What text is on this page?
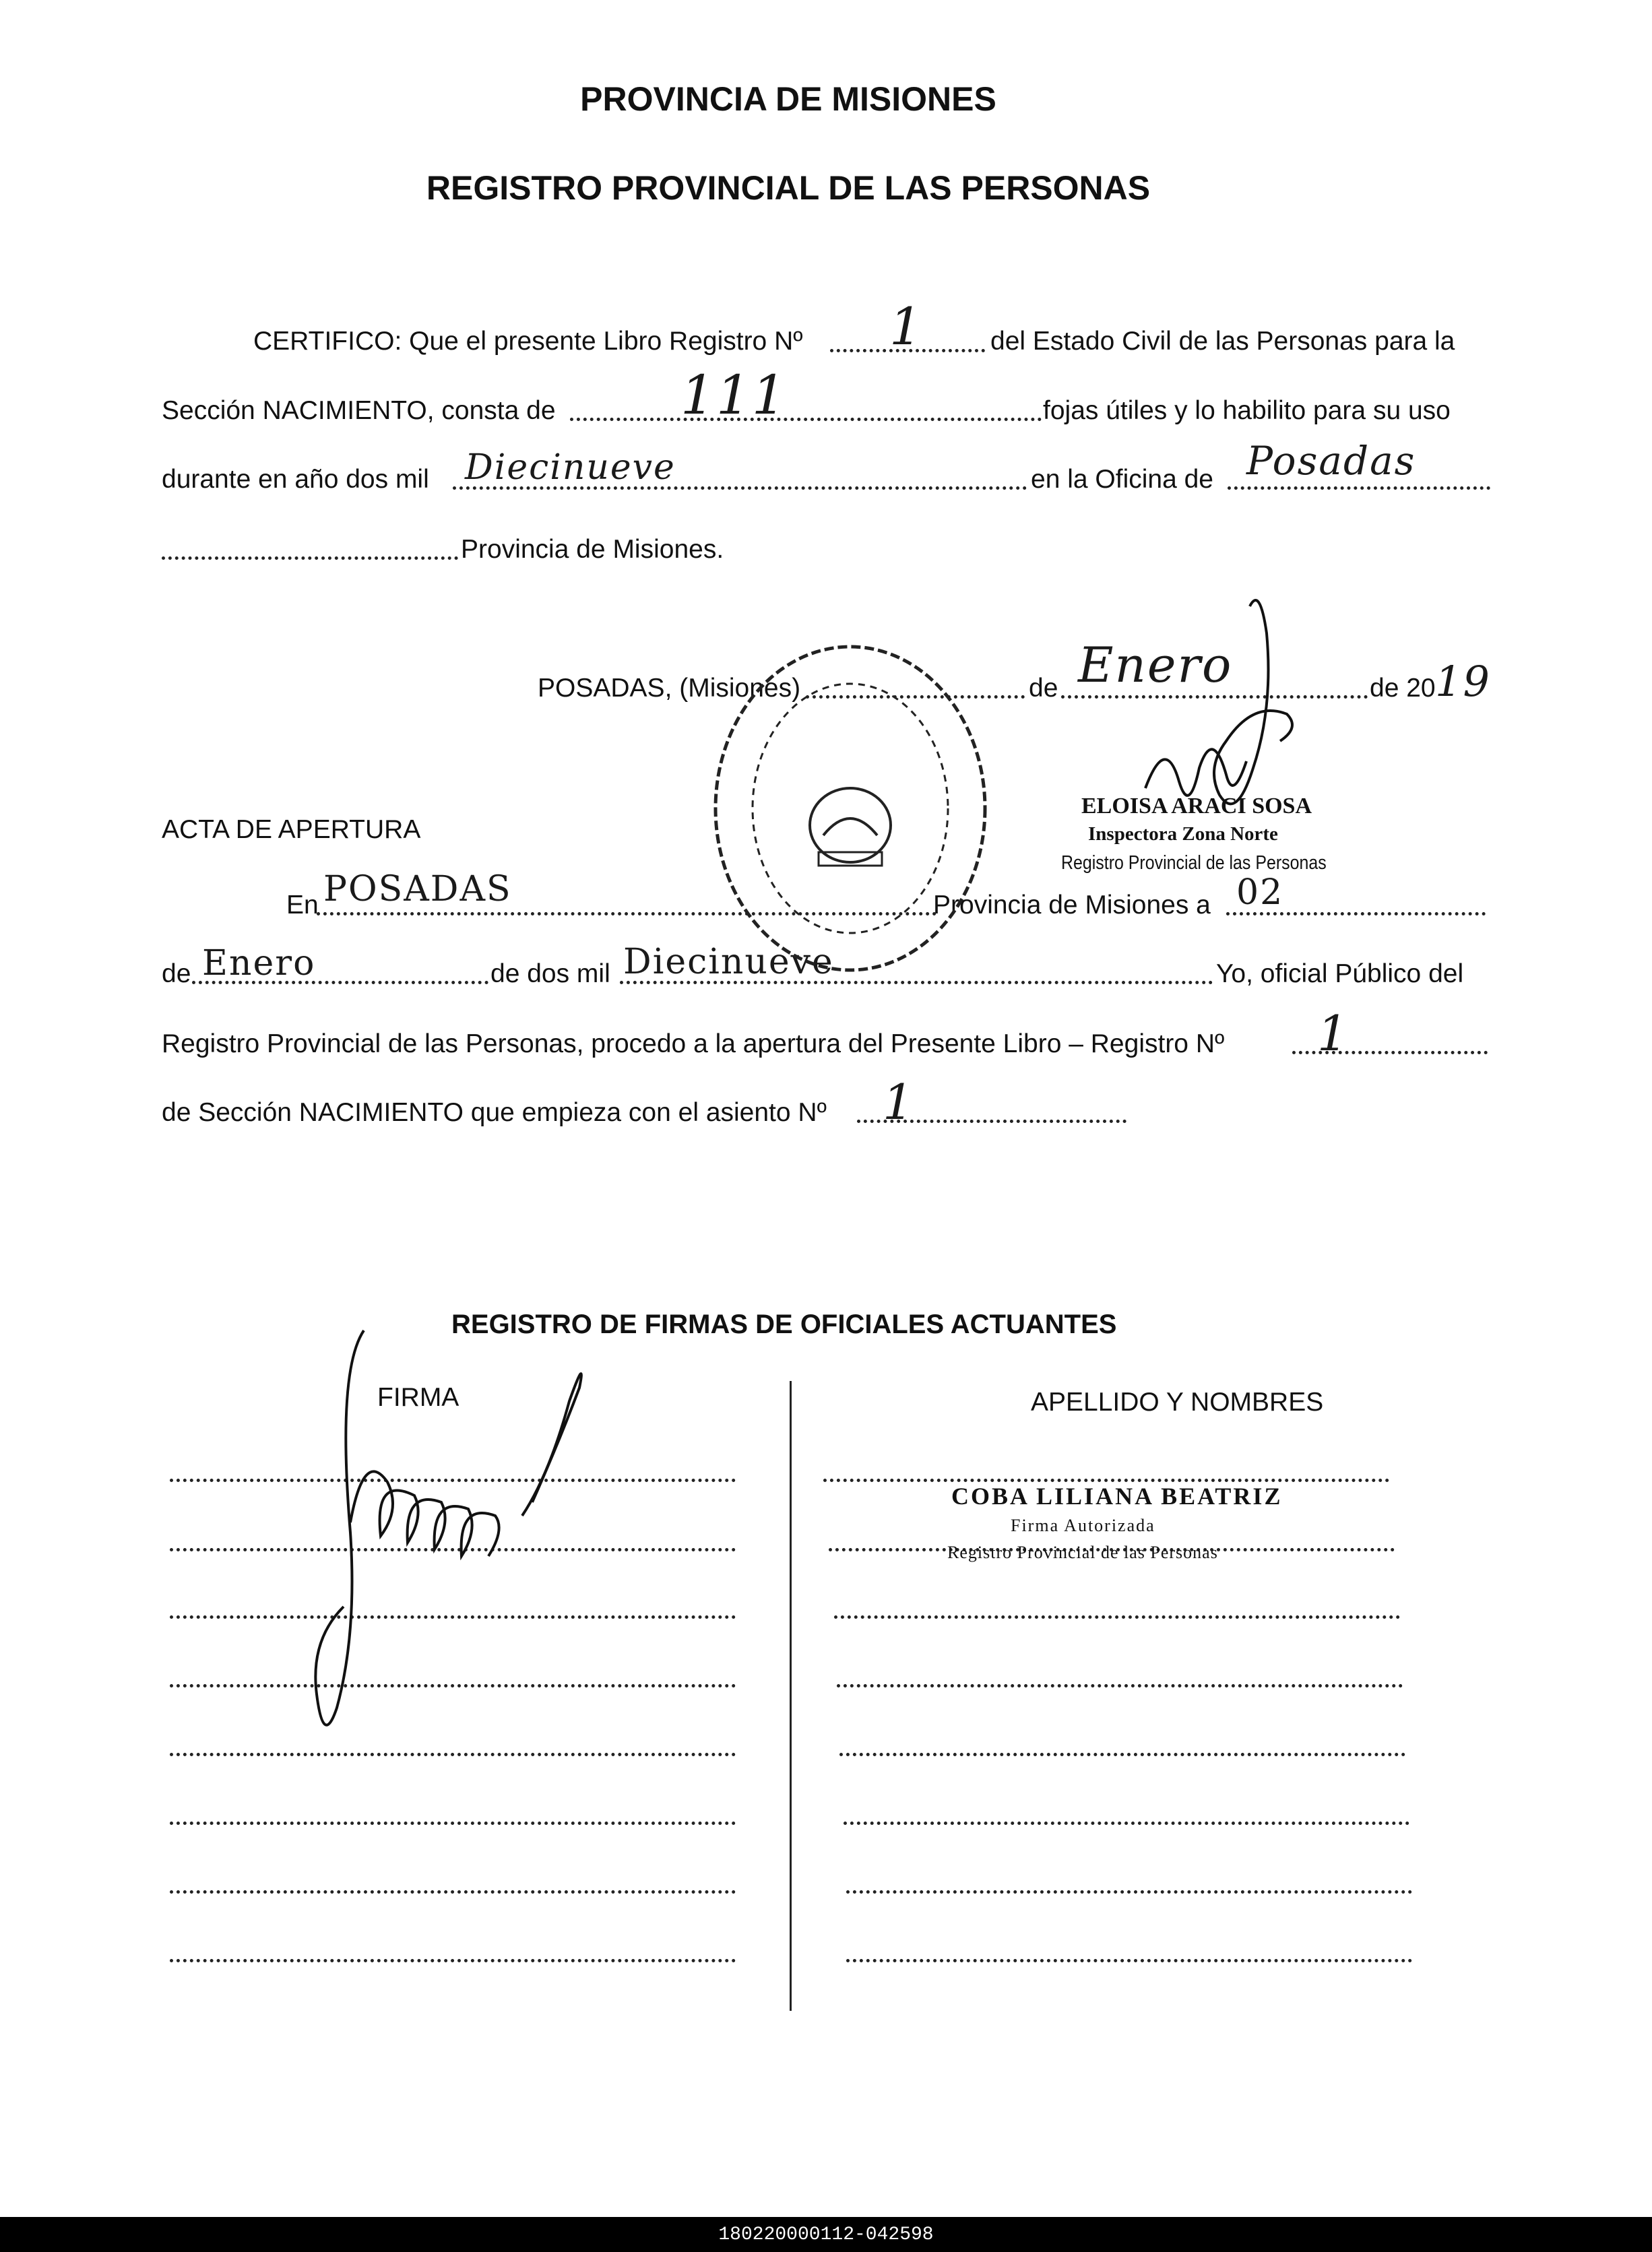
PROVINCIA DE MISIONES
REGISTRO PROVINCIAL DE LAS PERSONAS
CERTIFICO: Que el presente Libro Registro Nº 1	del Estado Civil de las Personas para la
Sección NACIMIENTO, consta de 111	fojas útiles y lo habilito para su uso
durante en año dos mil Diecinueve	en la Oficina de Posadas
Provincia de Misiones.
POSADAS, (Misiones)	de Enero	de 20 19
ELOISA ARACI SOSA
Inspectora Zona Norte
Registro Provincial de las Personas
ACTA DE APERTURA
En POSADAS	Provincia de Misiones a 02
de Enero	de dos mil Diecinueve	Yo, oficial Público del
Registro Provincial de las Personas, procedo a la apertura del Presente Libro – Registro Nº 1
de Sección NACIMIENTO que empieza con el asiento Nº 1
REGISTRO DE FIRMAS DE OFICIALES ACTUANTES
FIRMA	APELLIDO Y NOMBRES
COBA LILIANA BEATRIZ
Firma Autorizada
Registro Provincial de las Personas
180220000112-042598
